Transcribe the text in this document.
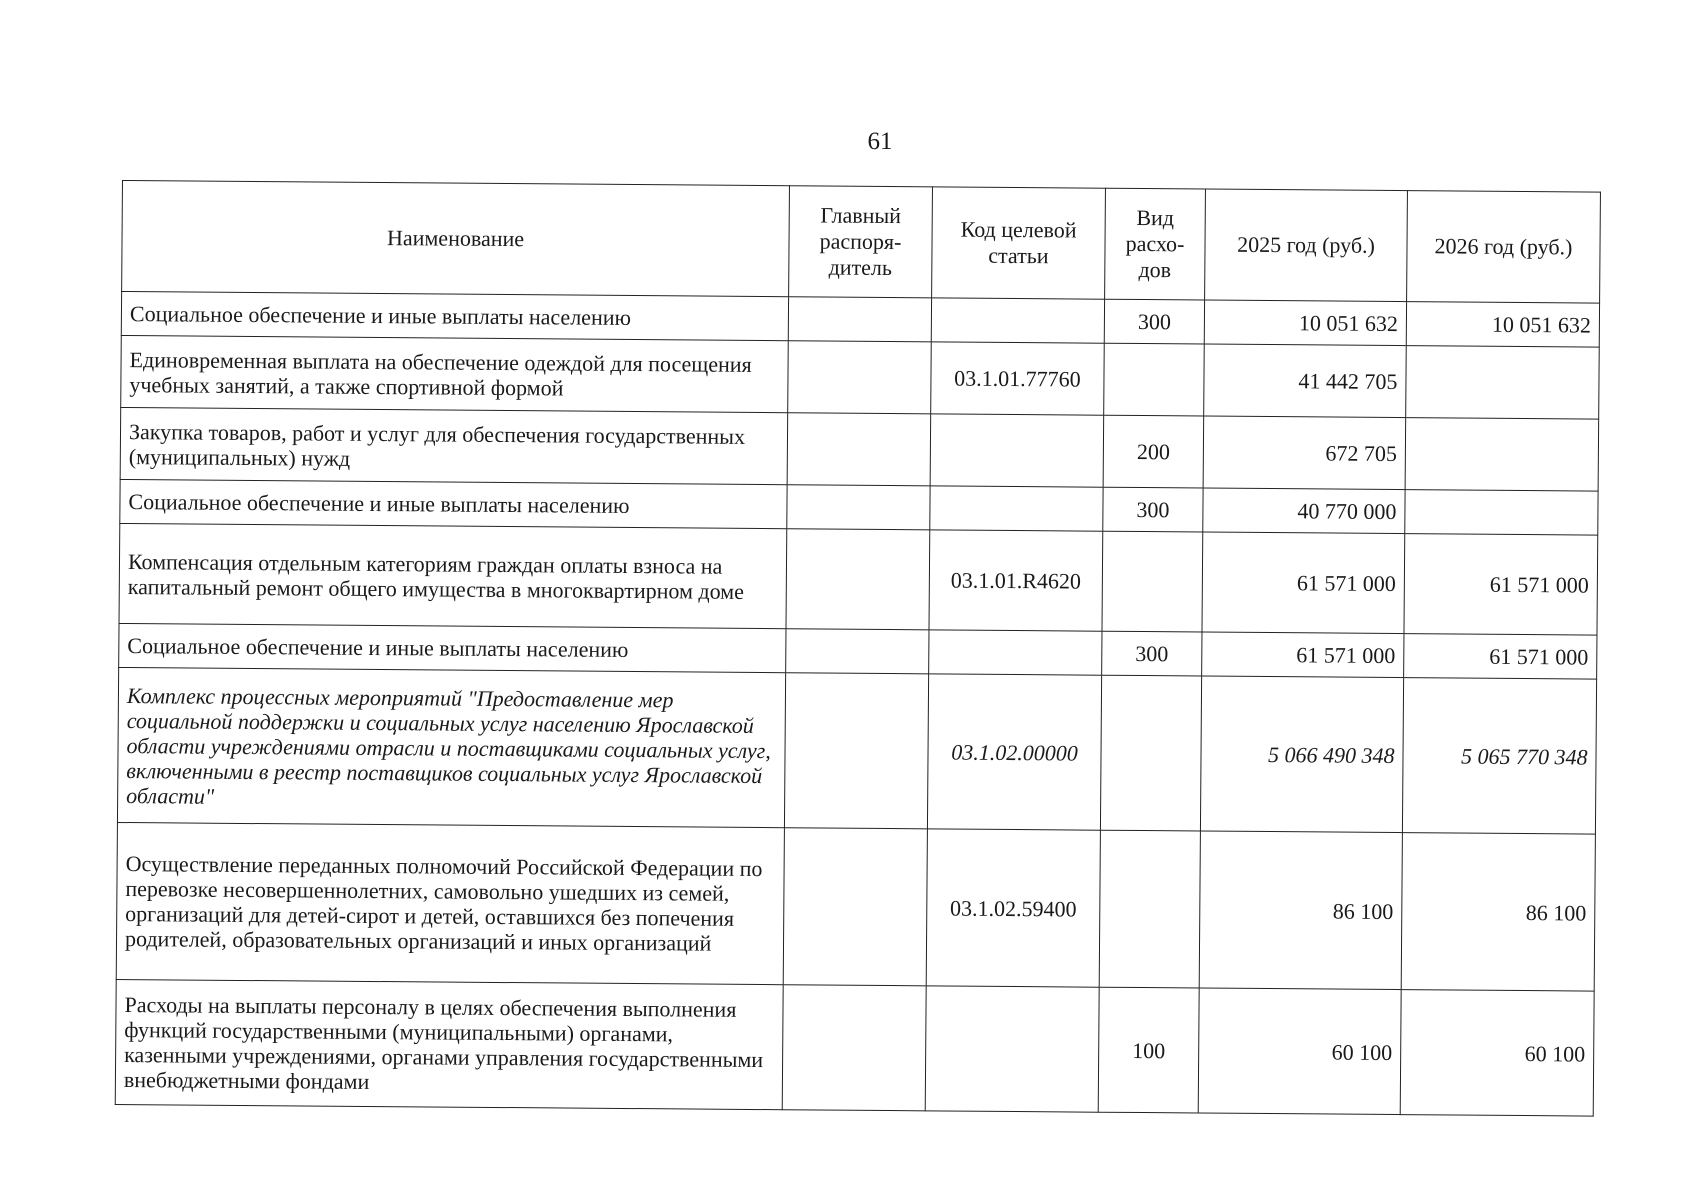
61
Наименование	Главный распоря-дитель	Код целевой статьи	Вид расхо-дов	2025 год (руб.)	2026 год (руб.)
Социальное обеспечение и иные выплаты населению			300	10 051 632	10 051 632
Единовременная выплата на обеспечение одеждой для посещения учебных занятий, а также спортивной формой		03.1.01.77760		41 442 705	
Закупка товаров, работ и услуг для обеспечения государственных (муниципальных) нужд			200	672 705	
Социальное обеспечение и иные выплаты населению			300	40 770 000	
Компенсация отдельным категориям граждан оплаты взноса на капитальный ремонт общего имущества в многоквартирном доме		03.1.01.R4620		61 571 000	61 571 000
Социальное обеспечение и иные выплаты населению			300	61 571 000	61 571 000
Комплекс процессных мероприятий "Предоставление мер социальной поддержки и социальных услуг населению Ярославской области учреждениями отрасли и поставщиками социальных услуг, включенными в реестр поставщиков социальных услуг Ярославской области"		03.1.02.00000		5 066 490 348	5 065 770 348
Осуществление переданных полномочий Российской Федерации по перевозке несовершеннолетних, самовольно ушедших из семей, организаций для детей-сирот и детей, оставшихся без попечения родителей, образовательных организаций и иных организаций		03.1.02.59400		86 100	86 100
Расходы на выплаты персоналу в целях обеспечения выполнения функций государственными (муниципальными) органами, казенными учреждениями, органами управления государственными внебюджетными фондами			100	60 100	60 100
